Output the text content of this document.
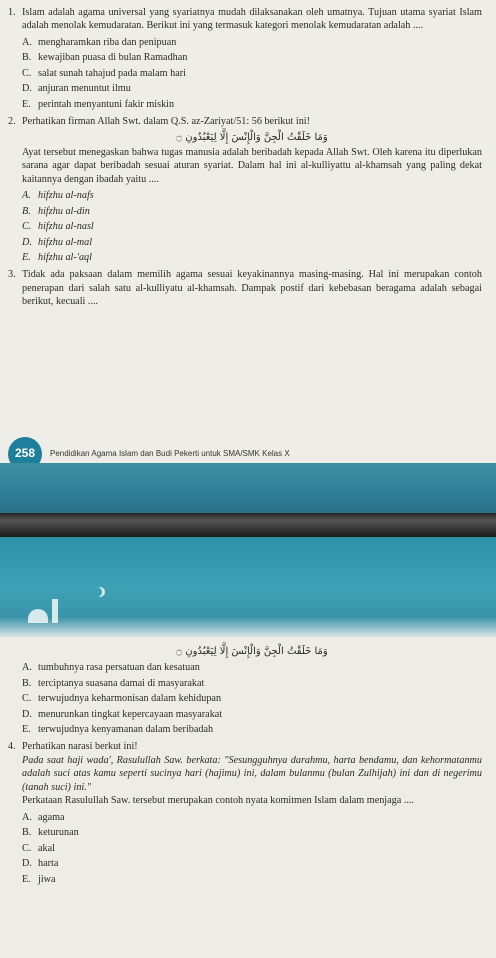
1. Islam adalah agama universal yang syariatnya mudah dilaksanakan oleh umatnya. Tujuan utama syariat Islam adalah menolak kemudaratan. Berikut ini yang termasuk kategori menolak kemudaratan adalah ....

A. mengharamkan riba dan penipuan
B. kewajiban puasa di bulan Ramadhan
C. salat sunah tahajud pada malam hari
D. anjuran menuntut ilmu
E. perintah menyantuni fakir miskin
2. Perhatikan firman Allah Swt. dalam Q.S. az-Zariyat/51: 56 berikut ini!

وَمَا خَلَقْتُ الْجِنَّ وَالْإِنْسَ إِلَّا لِيَعْبُدُونِ ۝

Ayat tersebut menegaskan bahwa tugas manusia adalah beribadah kepada Allah Swt. Oleh karena itu diperlukan sarana agar dapat beribadah sesuai aturan syariat. Dalam hal ini al-kulliyattu al-khamsah yang paling dekat kaitannya dengan ibadah yaitu ....

A. hifzhu al-nafs
B. hifzhu al-din
C. hifzhu al-nasl
D. hifzhu al-mal
E. hifzhu al-'aql
3. Tidak ada paksaan dalam memilih agama sesuai keyakinannya masing-masing. Hal ini merupakan contoh penerapan dari salah satu al-kulliyatu al-khamsah. Dampak postif dari kebebasan beragama adalah sebagai berikut, kecuali ....

258	Pendidikan Agama Islam dan Budi Pekerti untuk SMA/SMK Kelas X
وَمَا خَلَقْتُ الْجِنَّ وَالْإِنْسَ إِلَّا لِيَعْبُدُونِ ۝
A. tumbuhnya rasa persatuan dan kesatuan
B. terciptanya suasana damai di masyarakat
C. terwujudnya keharmonisan dalam kehidupan
D. menurunkan tingkat kepercayaan masyarakat
E. terwujudnya kenyamanan dalam beribadah
4. Perhatikan narasi berkut ini!

Pada saat haji wada', Rasulullah Saw. berkata: "Sesungguhnya darahmu, harta bendamu, dan kehormatanmu adalah suci atas kamu seperti sucinya hari (hajimu) ini, dalam bulanmu (bulan Zulhijah) ini dan di negerimu (tanah suci) ini."

Perkataan Rasulullah Saw. tersebut merupakan contoh nyata komitmen Islam dalam menjaga ....

A. agama
B. keturunan
C. akal
D. harta
E. jiwa
